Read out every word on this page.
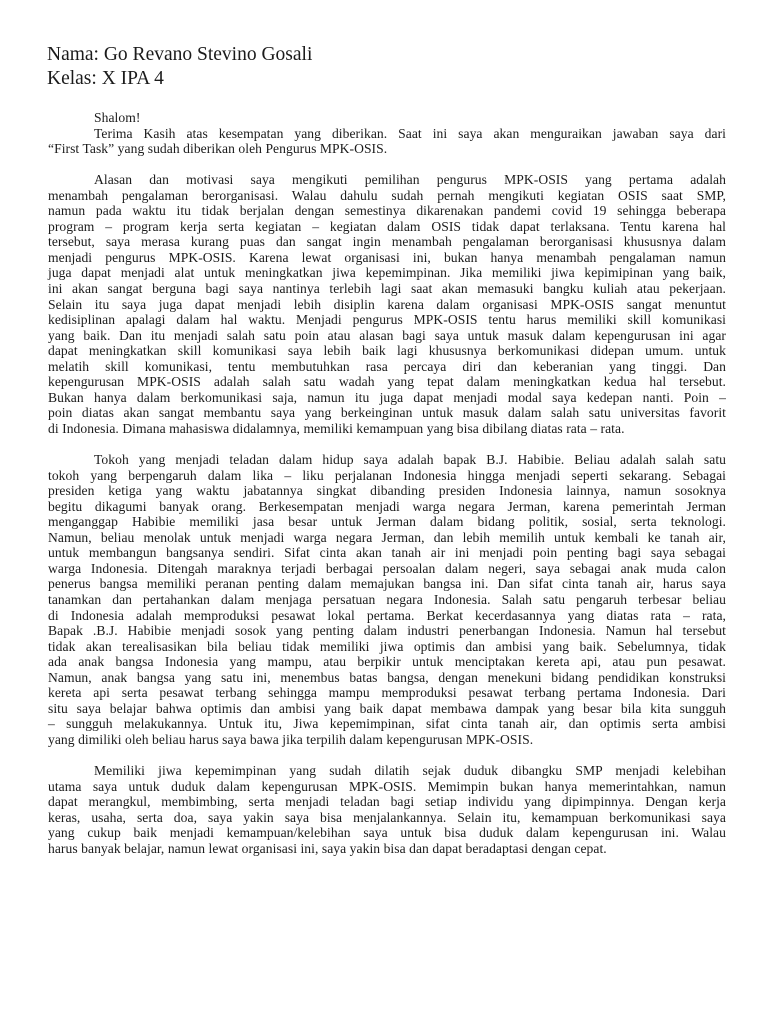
Nama: Go Revano Stevino Gosali
Kelas: X IPA 4
Shalom!
Terima Kasih atas kesempatan yang diberikan. Saat ini saya akan menguraikan jawaban saya dari
“First Task” yang sudah diberikan oleh Pengurus MPK-OSIS.
Alasan dan motivasi saya mengikuti pemilihan pengurus MPK-OSIS yang pertama adalah
menambah pengalaman berorganisasi. Walau dahulu sudah pernah mengikuti kegiatan OSIS saat SMP,
namun pada waktu itu tidak berjalan dengan semestinya dikarenakan pandemi covid 19 sehingga beberapa
program – program kerja serta kegiatan – kegiatan dalam OSIS tidak dapat terlaksana. Tentu karena hal
tersebut, saya merasa kurang puas dan sangat ingin menambah pengalaman berorganisasi khususnya dalam
menjadi pengurus MPK-OSIS. Karena lewat organisasi ini, bukan hanya menambah pengalaman namun
juga dapat menjadi alat untuk meningkatkan jiwa kepemimpinan. Jika memiliki jiwa kepimipinan yang baik,
ini akan sangat berguna bagi saya nantinya terlebih lagi saat akan memasuki bangku kuliah atau pekerjaan.
Selain itu saya juga dapat menjadi lebih disiplin karena dalam organisasi MPK-OSIS sangat menuntut
kedisiplinan apalagi dalam hal waktu. Menjadi pengurus MPK-OSIS tentu harus memiliki skill komunikasi
yang baik. Dan itu menjadi salah satu poin atau alasan bagi saya untuk masuk dalam kepengurusan ini agar
dapat meningkatkan skill komunikasi saya lebih baik lagi khususnya berkomunikasi didepan umum. untuk
melatih skill komunikasi, tentu membutuhkan rasa percaya diri dan keberanian yang tinggi. Dan
kepengurusan MPK-OSIS adalah salah satu wadah yang tepat dalam meningkatkan kedua hal tersebut.
Bukan hanya dalam berkomunikasi saja, namun itu juga dapat menjadi modal saya kedepan nanti. Poin –
poin diatas akan sangat membantu saya yang berkeinginan untuk masuk dalam salah satu universitas favorit
di Indonesia. Dimana mahasiswa didalamnya, memiliki kemampuan yang bisa dibilang diatas rata – rata.
Tokoh yang menjadi teladan dalam hidup saya adalah bapak B.J. Habibie. Beliau adalah salah satu
tokoh yang berpengaruh dalam lika – liku perjalanan Indonesia hingga menjadi seperti sekarang. Sebagai
presiden ketiga yang waktu jabatannya singkat dibanding presiden Indonesia lainnya, namun sosoknya
begitu dikagumi banyak orang. Berkesempatan menjadi warga negara Jerman, karena pemerintah Jerman
menganggap Habibie memiliki jasa besar untuk Jerman dalam bidang politik, sosial, serta teknologi.
Namun, beliau menolak untuk menjadi warga negara Jerman, dan lebih memilih untuk kembali ke tanah air,
untuk membangun bangsanya sendiri. Sifat cinta akan tanah air ini menjadi poin penting bagi saya sebagai
warga Indonesia. Ditengah maraknya terjadi berbagai persoalan dalam negeri, saya sebagai anak muda calon
penerus bangsa memiliki peranan penting dalam memajukan bangsa ini. Dan sifat cinta tanah air, harus saya
tanamkan dan pertahankan dalam menjaga persatuan negara Indonesia. Salah satu pengaruh terbesar beliau
di Indonesia adalah memproduksi pesawat lokal pertama. Berkat kecerdasannya yang diatas rata – rata,
Bapak .B.J. Habibie menjadi sosok yang penting dalam industri penerbangan Indonesia. Namun hal tersebut
tidak akan terealisasikan bila beliau tidak memiliki jiwa optimis dan ambisi yang baik. Sebelumnya, tidak
ada anak bangsa Indonesia yang mampu, atau berpikir untuk menciptakan kereta api, atau pun pesawat.
Namun, anak bangsa yang satu ini, menembus batas bangsa, dengan menekuni bidang pendidikan konstruksi
kereta api serta pesawat terbang sehingga mampu memproduksi pesawat terbang pertama Indonesia. Dari
situ saya belajar bahwa optimis dan ambisi yang baik dapat membawa dampak yang besar bila kita sungguh
– sungguh melakukannya. Untuk itu, Jiwa kepemimpinan, sifat cinta tanah air, dan optimis serta ambisi
yang dimiliki oleh beliau harus saya bawa jika terpilih dalam kepengurusan MPK-OSIS.
Memiliki jiwa kepemimpinan yang sudah dilatih sejak duduk dibangku SMP menjadi kelebihan
utama saya untuk duduk dalam kepengurusan MPK-OSIS. Memimpin bukan hanya memerintahkan, namun
dapat merangkul, membimbing, serta menjadi teladan bagi setiap individu yang dipimpinnya. Dengan kerja
keras, usaha, serta doa, saya yakin saya bisa menjalankannya. Selain itu, kemampuan berkomunikasi saya
yang cukup baik menjadi kemampuan/kelebihan saya untuk bisa duduk dalam kepengurusan ini. Walau
harus banyak belajar, namun lewat organisasi ini, saya yakin bisa dan dapat beradaptasi dengan cepat.
